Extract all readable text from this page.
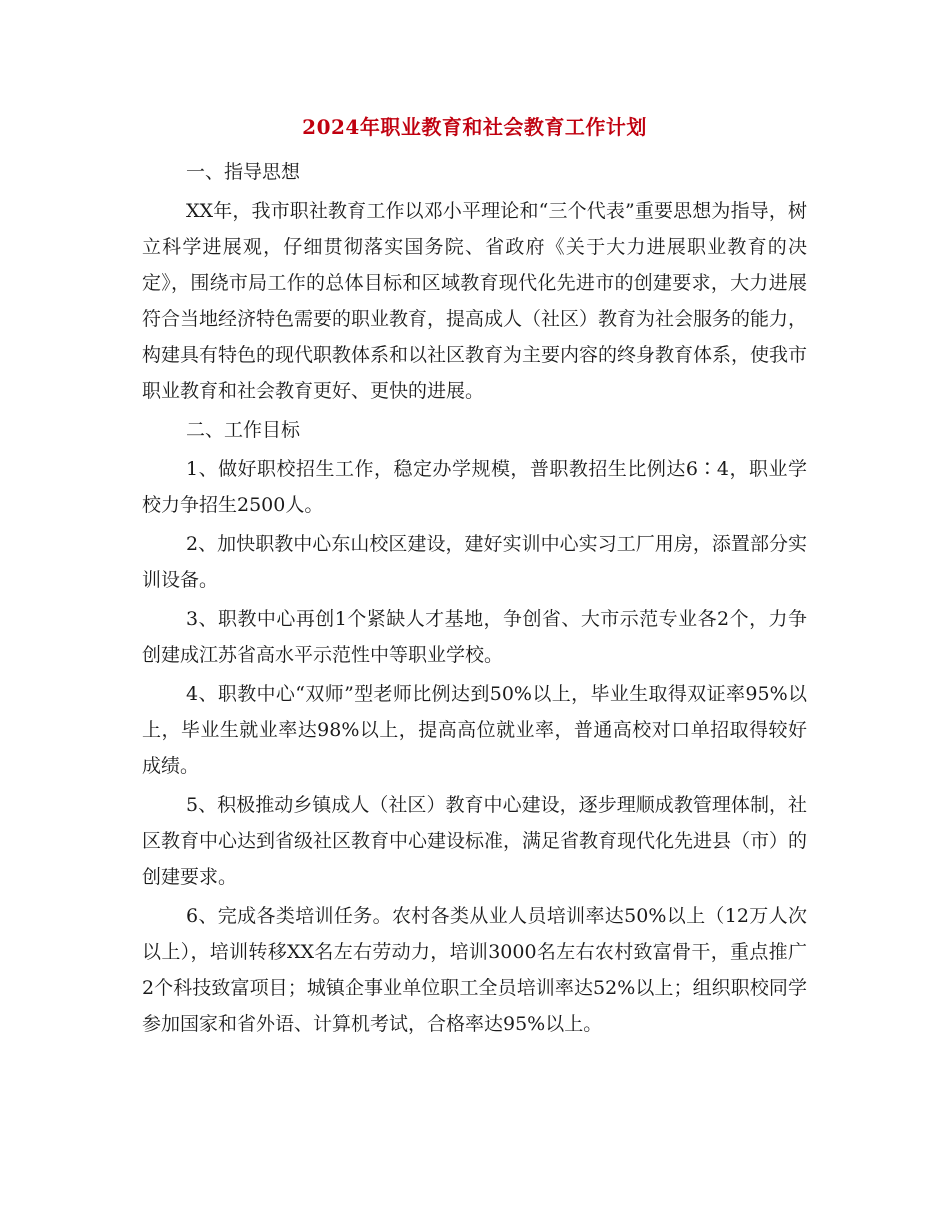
2024年职业教育和社会教育工作计划

一、指导思想

XX年，我市职社教育工作以邓小平理论和“三个代表”重要思想为指导，树立科学进展观，仔细贯彻落实国务院、省政府《关于大力进展职业教育的决定》，围绕市局工作的总体目标和区域教育现代化先进市的创建要求，大力进展符合当地经济特色需要的职业教育，提高成人（社区）教育为社会服务的能力，构建具有特色的现代职教体系和以社区教育为主要内容的终身教育体系，使我市职业教育和社会教育更好、更快的进展。

二、工作目标

1、做好职校招生工作，稳定办学规模，普职教招生比例达6∶4，职业学校力争招生2500人。

2、加快职教中心东山校区建设，建好实训中心实习工厂用房，添置部分实训设备。

3、职教中心再创1个紧缺人才基地，争创省、大市示范专业各2个，力争创建成江苏省高水平示范性中等职业学校。

4、职教中心“双师”型老师比例达到50%以上，毕业生取得双证率95%以上，毕业生就业率达98%以上，提高高位就业率，普通高校对口单招取得较好成绩。

5、积极推动乡镇成人（社区）教育中心建设，逐步理顺成教管理体制，社区教育中心达到省级社区教育中心建设标准，满足省教育现代化先进县（市）的创建要求。

6、完成各类培训任务。农村各类从业人员培训率达50%以上（12万人次以上），培训转移XX名左右劳动力，培训3000名左右农村致富骨干，重点推广2个科技致富项目；城镇企事业单位职工全员培训率达52%以上；组织职校同学参加国家和省外语、计算机考试，合格率达95%以上。
